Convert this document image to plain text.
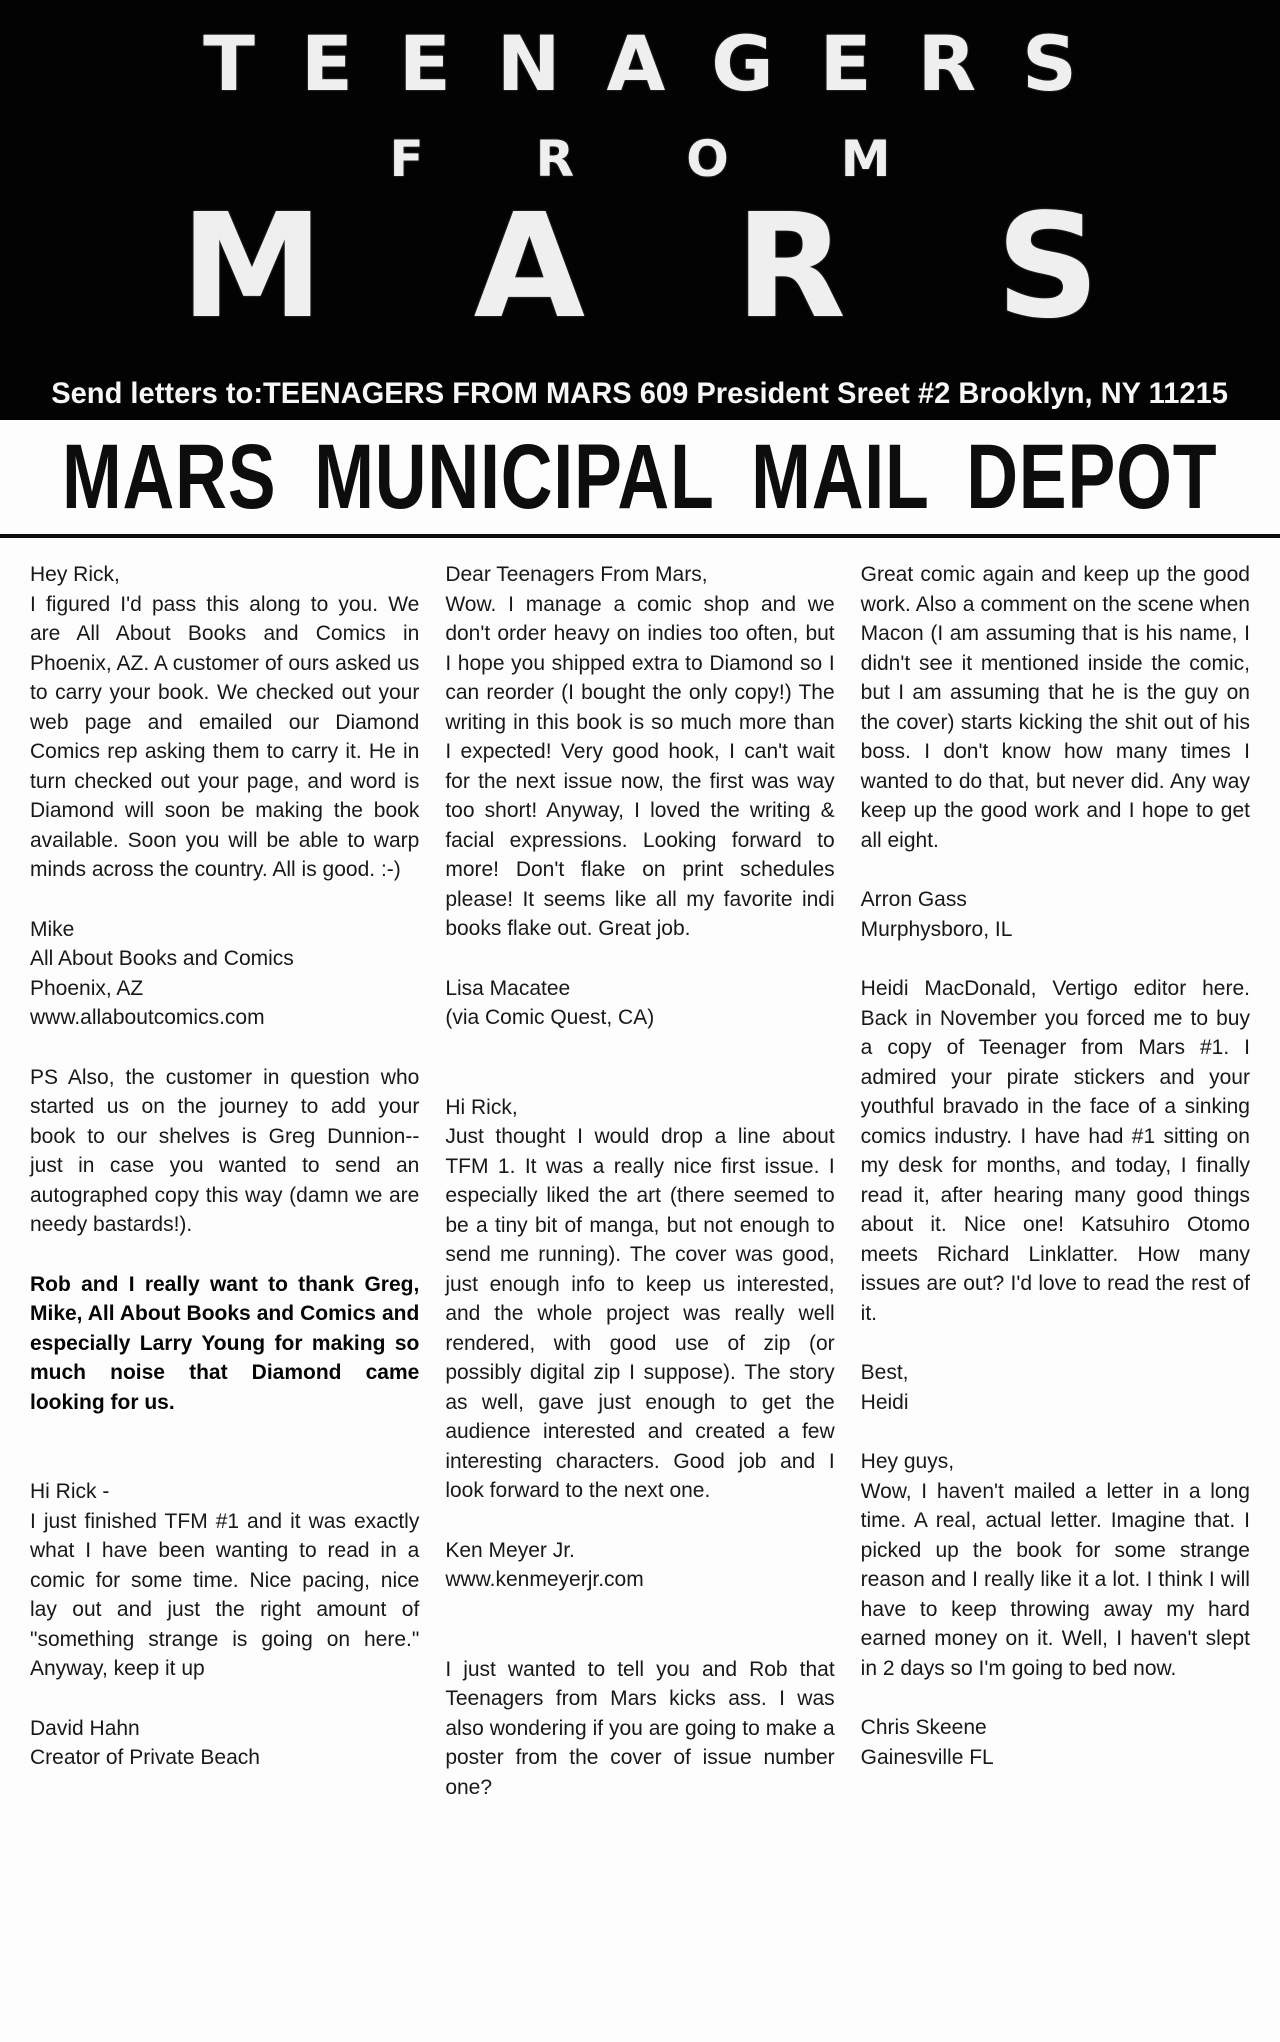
TEENAGERS
FROM
MARS
Send letters to:TEENAGERS FROM MARS 609 President Sreet #2 Brooklyn, NY 11215
MARS MUNICIPAL MAIL DEPOT

Hey Rick,

I figured I'd pass this along to you. We are All About Books and Comics in Phoenix, AZ. A customer of ours asked us to carry your book. We checked out your web page and emailed our Diamond Comics rep asking them to carry it. He in turn checked out your page, and word is Diamond will soon be making the book available. Soon you will be able to warp minds across the country. All is good. :-)

Mike
All About Books and Comics
Phoenix, AZ
www.allaboutcomics.com

PS Also, the customer in question who started us on the journey to add your book to our shelves is Greg Dunnion-- just in case you wanted to send an autographed copy this way (damn we are needy bastards!).

Rob and I really want to thank Greg, Mike, All About Books and Comics and especially Larry Young for making so much noise that Diamond came looking for us.

Hi Rick -

I just finished TFM #1 and it was exactly what I have been wanting to read in a comic for some time. Nice pacing, nice lay out and just the right amount of "something strange is going on here." Anyway, keep it up

David Hahn
Creator of Private Beach

Dear Teenagers From Mars,

Wow. I manage a comic shop and we don't order heavy on indies too often, but I hope you shipped extra to Diamond so I can reorder (I bought the only copy!) The writing in this book is so much more than I expected! Very good hook, I can't wait for the next issue now, the first was way too short! Anyway, I loved the writing & facial expressions. Looking forward to more! Don't flake on print schedules please! It seems like all my favorite indi books flake out. Great job.

Lisa Macatee
(via Comic Quest, CA)

Hi Rick,

Just thought I would drop a line about TFM 1. It was a really nice first issue. I especially liked the art (there seemed to be a tiny bit of manga, but not enough to send me running). The cover was good, just enough info to keep us interested, and the whole project was really well rendered, with good use of zip (or possibly digital zip I suppose). The story as well, gave just enough to get the audience interested and created a few interesting characters. Good job and I look forward to the next one.

Ken Meyer Jr.
www.kenmeyerjr.com

I just wanted to tell you and Rob that Teenagers from Mars kicks ass. I was also wondering if you are going to make a poster from the cover of issue number one?

Great comic again and keep up the good work. Also a comment on the scene when Macon (I am assuming that is his name, I didn't see it mentioned inside the comic, but I am assuming that he is the guy on the cover) starts kicking the shit out of his boss. I don't know how many times I wanted to do that, but never did. Any way keep up the good work and I hope to get all eight.

Arron Gass
Murphysboro, IL

Heidi MacDonald, Vertigo editor here. Back in November you forced me to buy a copy of Teenager from Mars #1. I admired your pirate stickers and your youthful bravado in the face of a sinking comics industry. I have had #1 sitting on my desk for months, and today, I finally read it, after hearing many good things about it. Nice one! Katsuhiro Otomo meets Richard Linklatter. How many issues are out? I'd love to read the rest of it.

Best,
Heidi

Hey guys,

Wow, I haven't mailed a letter in a long time. A real, actual letter. Imagine that. I picked up the book for some strange reason and I really like it a lot. I think I will have to keep throwing away my hard earned money on it. Well, I haven't slept in 2 days so I'm going to bed now.

Chris Skeene
Gainesville FL
